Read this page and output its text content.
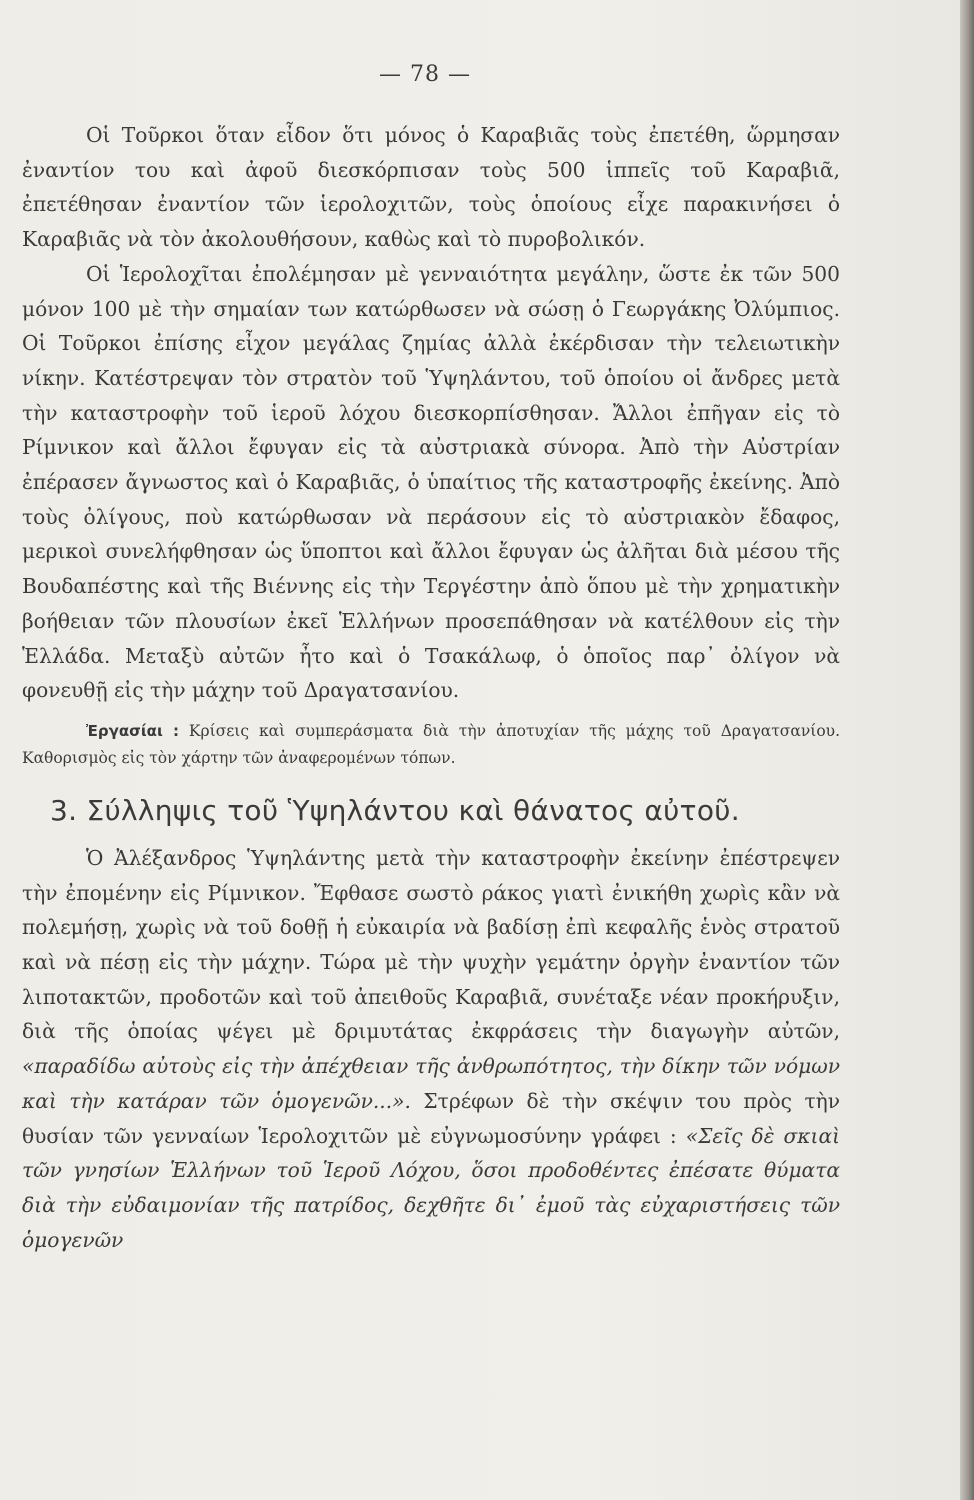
— 78 —

Οἱ Τοῦρκοι ὅταν εἶδον ὅτι μόνος ὁ Καραβιᾶς τοὺς ἐπετέθη, ὥρμησαν ἐναντίον του καὶ ἀφοῦ διεσκόρπισαν τοὺς 500 ἱππεῖς τοῦ Καραβιᾶ, ἐπετέθησαν ἐναντίον τῶν ἱερολοχιτῶν, τοὺς ὁποίους εἶχε παρακινήσει ὁ Καραβιᾶς νὰ τὸν ἀκολουθήσουν, καθὼς καὶ τὸ πυροβολικόν.

Οἱ Ἱερολοχῖται ἐπολέμησαν μὲ γενναιότητα μεγάλην, ὥστε ἐκ τῶν 500 μόνον 100 μὲ τὴν σημαίαν των κατώρθωσεν νὰ σώσῃ ὁ Γεωργάκης Ὀλύμπιος. Οἱ Τοῦρκοι ἐπίσης εἶχον μεγάλας ζημίας ἀλλὰ ἐκέρδισαν τὴν τελειωτικὴν νίκην. Κατέστρεψαν τὸν στρατὸν τοῦ Ὑψηλάντου, τοῦ ὁποίου οἱ ἄνδρες μετὰ τὴν καταστροφὴν τοῦ ἱεροῦ λόχου διεσκορπίσθησαν. Ἄλλοι ἐπῆγαν εἰς τὸ Ρίμνικον καὶ ἄλλοι ἔφυγαν εἰς τὰ αὐστριακὰ σύνορα. Ἀπὸ τὴν Αὐστρίαν ἐπέρασεν ἄγνωστος καὶ ὁ Καραβιᾶς, ὁ ὑπαίτιος τῆς καταστροφῆς ἐκείνης. Ἀπὸ τοὺς ὀλίγους, ποὺ κατώρθωσαν νὰ περάσουν εἰς τὸ αὐστριακὸν ἔδαφος, μερικοὶ συνελήφθησαν ὡς ὕποπτοι καὶ ἄλλοι ἔφυγαν ὡς ἀλῆται διὰ μέσου τῆς Βουδαπέστης καὶ τῆς Βιέννης εἰς τὴν Τεργέστην ἀπὸ ὅπου μὲ τὴν χρηματικὴν βοήθειαν τῶν πλουσίων ἐκεῖ Ἑλλήνων προσεπάθησαν νὰ κατέλθουν εἰς τὴν Ἑλλάδα. Μεταξὺ αὐτῶν ἦτο καὶ ὁ Τσακάλωφ, ὁ ὁποῖος παρ᾽ ὀλίγον νὰ φονευθῇ εἰς τὴν μάχην τοῦ Δραγατσανίου.

Ἐργασίαι : Κρίσεις καὶ συμπεράσματα διὰ τὴν ἀποτυχίαν τῆς μάχης τοῦ Δραγατσανίου. Καθορισμὸς εἰς τὸν χάρτην τῶν ἀναφερομένων τόπων.

3. Σύλληψις τοῦ Ὑψηλάντου καὶ θάνατος αὐτοῦ.

Ὁ Ἀλέξανδρος Ὑψηλάντης μετὰ τὴν καταστροφὴν ἐκείνην ἐπέστρεψεν τὴν ἐπομένην εἰς Ρίμνικον. Ἔφθασε σωστὸ ράκος γιατὶ ἐνικήθη χωρὶς κἂν νὰ πολεμήσῃ, χωρὶς νὰ τοῦ δοθῇ ἡ εὐκαιρία νὰ βαδίσῃ ἐπὶ κεφαλῆς ἑνὸς στρατοῦ καὶ νὰ πέσῃ εἰς τὴν μάχην. Τώρα μὲ τὴν ψυχὴν γεμάτην ὀργὴν ἐναντίον τῶν λιποτακτῶν, προδοτῶν καὶ τοῦ ἀπειθοῦς Καραβιᾶ, συνέταξε νέαν προκήρυξιν, διὰ τῆς ὁποίας ψέγει μὲ δριμυτάτας ἐκφράσεις τὴν διαγωγὴν αὐτῶν, «παραδίδω αὐτοὺς εἰς τὴν ἀπέχθειαν τῆς ἀνθρωπότητος, τὴν δίκην τῶν νόμων καὶ τὴν κατάραν τῶν ὁμογενῶν...». Στρέφων δὲ τὴν σκέψιν του πρὸς τὴν θυσίαν τῶν γενναίων Ἱερολοχιτῶν μὲ εὐγνωμοσύνην γράφει : «Σεῖς δὲ σκιαὶ τῶν γνησίων Ἑλλήνων τοῦ Ἱεροῦ Λόχου, ὅσοι προδοθέντες ἐπέσατε θύματα διὰ τὴν εὐδαιμονίαν τῆς πατρίδος, δεχθῆτε δι᾽ ἐμοῦ τὰς εὐχαριστήσεις τῶν ὁμογενῶν
